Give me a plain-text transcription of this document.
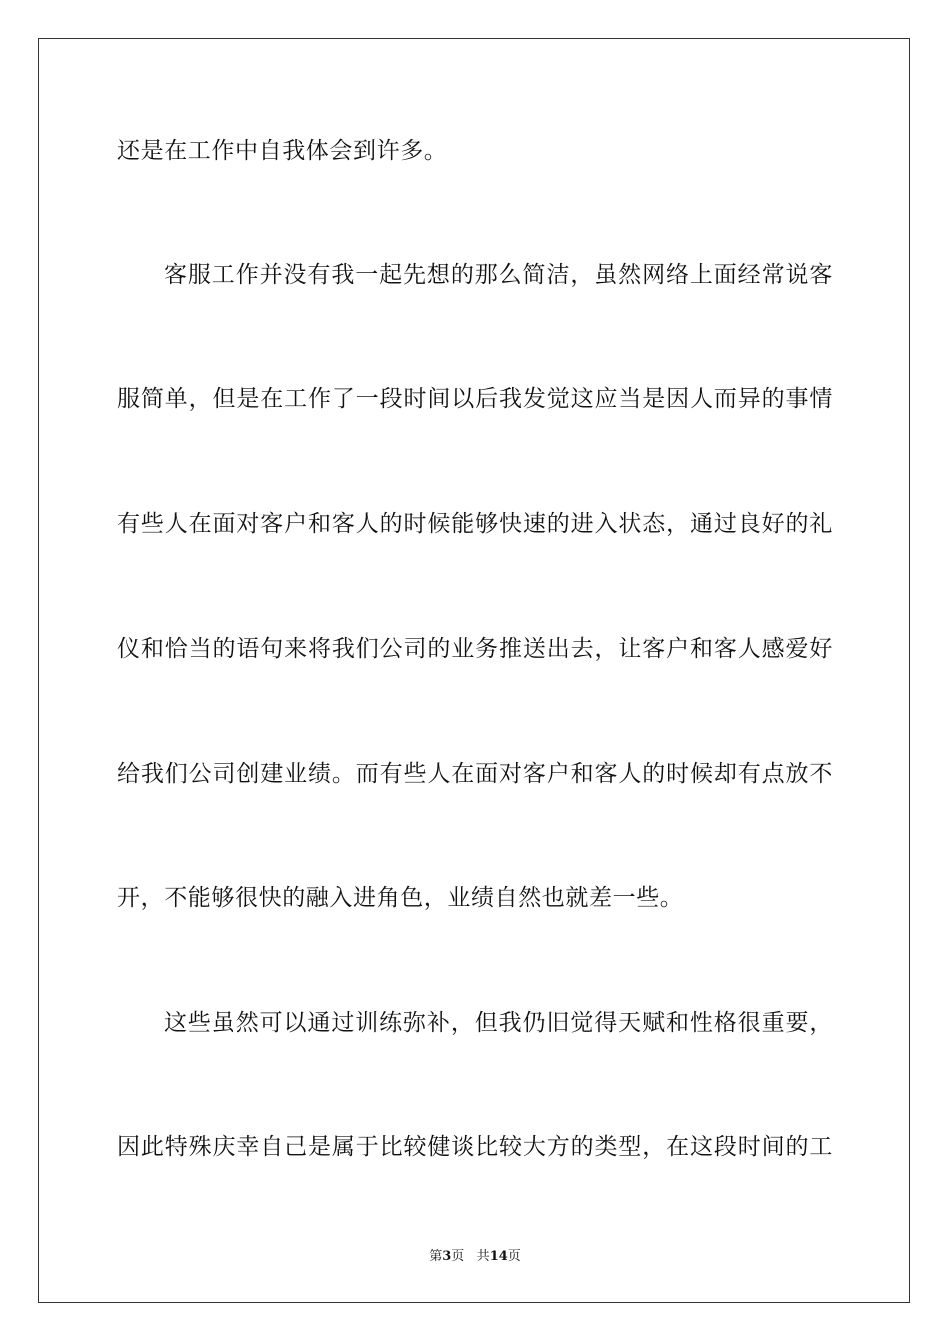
还是在工作中自我体会到许多。
客服工作并没有我一起先想的那么简洁，虽然网络上面经常说客
服简单，但是在工作了一段时间以后我发觉这应当是因人而异的事情
有些人在面对客户和客人的时候能够快速的进入状态，通过良好的礼
仪和恰当的语句来将我们公司的业务推送出去，让客户和客人感爱好
给我们公司创建业绩。而有些人在面对客户和客人的时候却有点放不
开，不能够很快的融入进角色，业绩自然也就差一些。
这些虽然可以通过训练弥补，但我仍旧觉得天赋和性格很重要，
因此特殊庆幸自己是属于比较健谈比较大方的类型，在这段时间的工
第3页 共14页
